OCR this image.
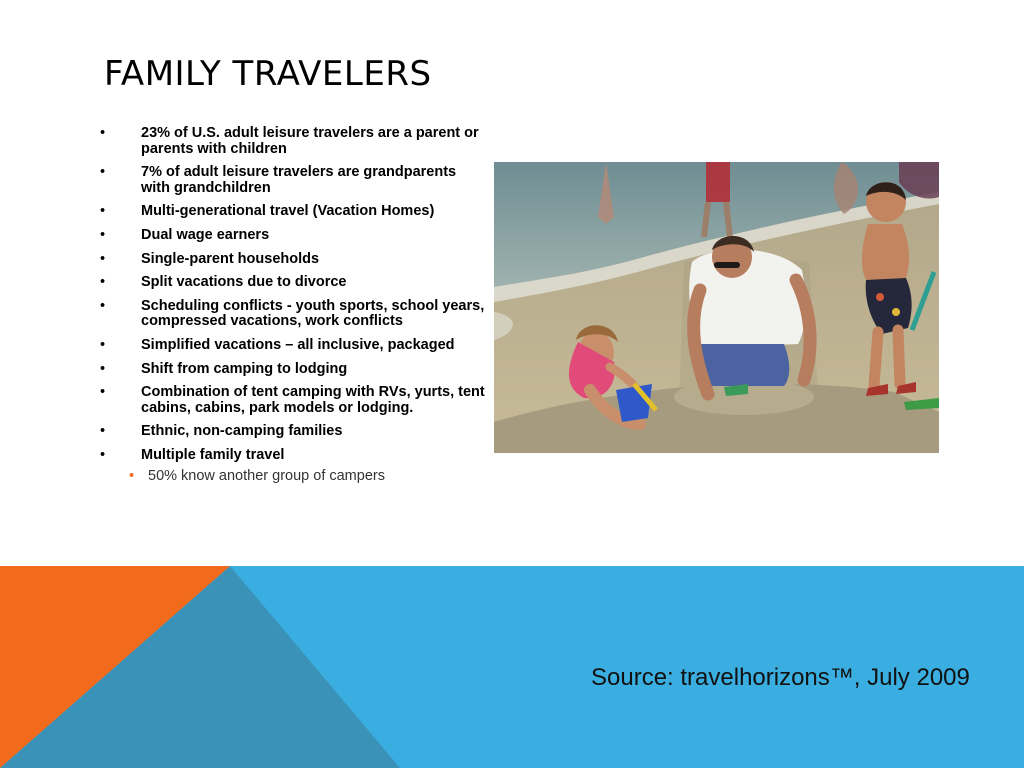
FAMILY TRAVELERS
• 23% of U.S. adult leisure travelers are a parent or parents with children
• 7% of adult leisure travelers are grandparents with grandchildren
• Multi-generational travel (Vacation Homes)
• Dual wage earners
• Single-parent households
• Split vacations due to divorce
• Scheduling conflicts - youth sports, school years, compressed vacations, work conflicts
• Simplified vacations – all inclusive, packaged
• Shift from camping to lodging
• Combination of tent camping with RVs, yurts, tent cabins, cabins, park models or lodging.
• Ethnic, non-camping families
• Multiple family travel
• 50% know another group of campers
Source: travelhorizons™, July 2009
